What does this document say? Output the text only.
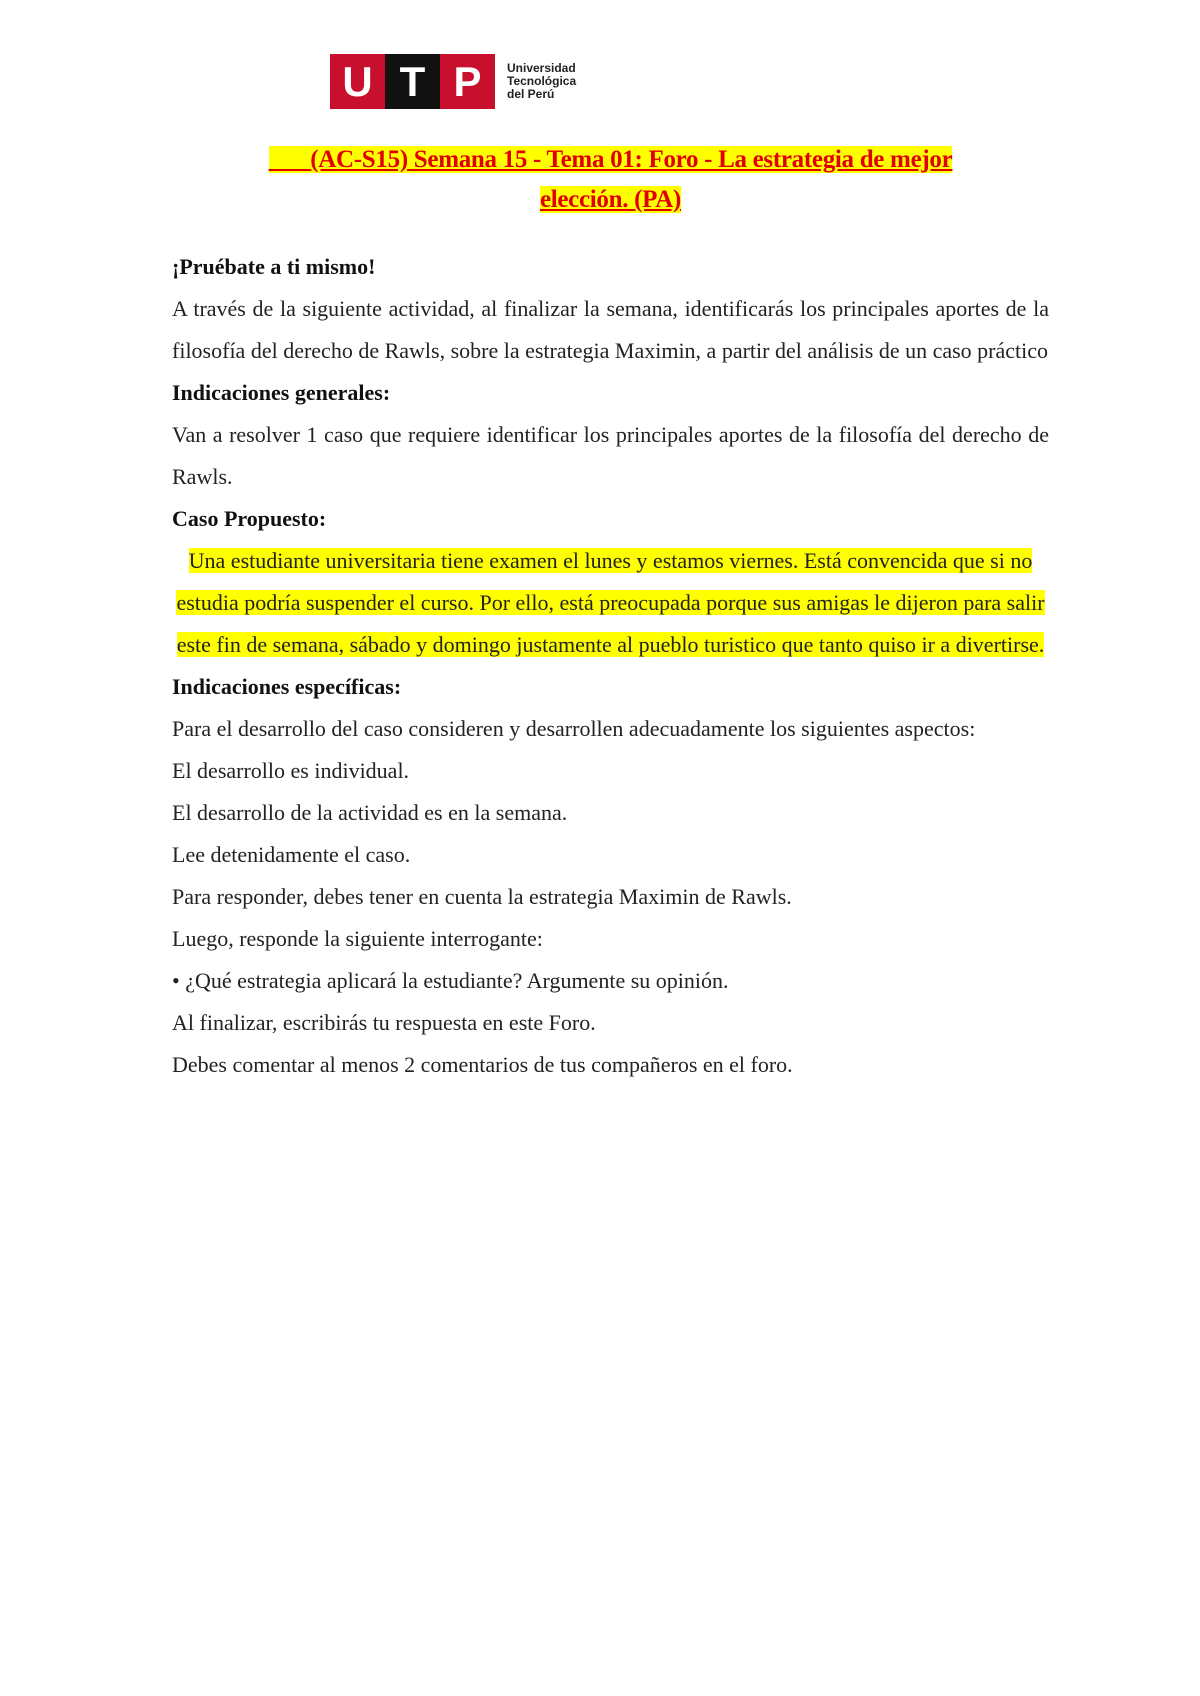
U T P	Universidad
Tecnológica
del Perú
(AC-S15) Semana 15 - Tema 01: Foro - La estrategia de mejor
elección. (PA)

¡Pruébate a ti mismo!

A través de la siguiente actividad, al finalizar la semana, identificarás los principales aportes de la filosofía del derecho de Rawls, sobre la estrategia Maximin, a partir del análisis de un caso práctico

Indicaciones generales:

Van a resolver 1 caso que requiere identificar los principales aportes de la filosofía del derecho de Rawls.

Caso Propuesto:

Una estudiante universitaria tiene examen el lunes y estamos viernes. Está convencida que si no estudia podría suspender el curso. Por ello, está preocupada porque sus amigas le dijeron para salir este fin de semana, sábado y domingo justamente al pueblo turistico que tanto quiso ir a divertirse.

Indicaciones específicas:

Para el desarrollo del caso consideren y desarrollen adecuadamente los siguientes aspectos:

El desarrollo es individual.

El desarrollo de la actividad es en la semana.

Lee detenidamente el caso.

Para responder, debes tener en cuenta la estrategia Maximin de Rawls.

Luego, responde la siguiente interrogante:

• ¿Qué estrategia aplicará la estudiante? Argumente su opinión.

Al finalizar, escribirás tu respuesta en este Foro.

Debes comentar al menos 2 comentarios de tus compañeros en el foro.
